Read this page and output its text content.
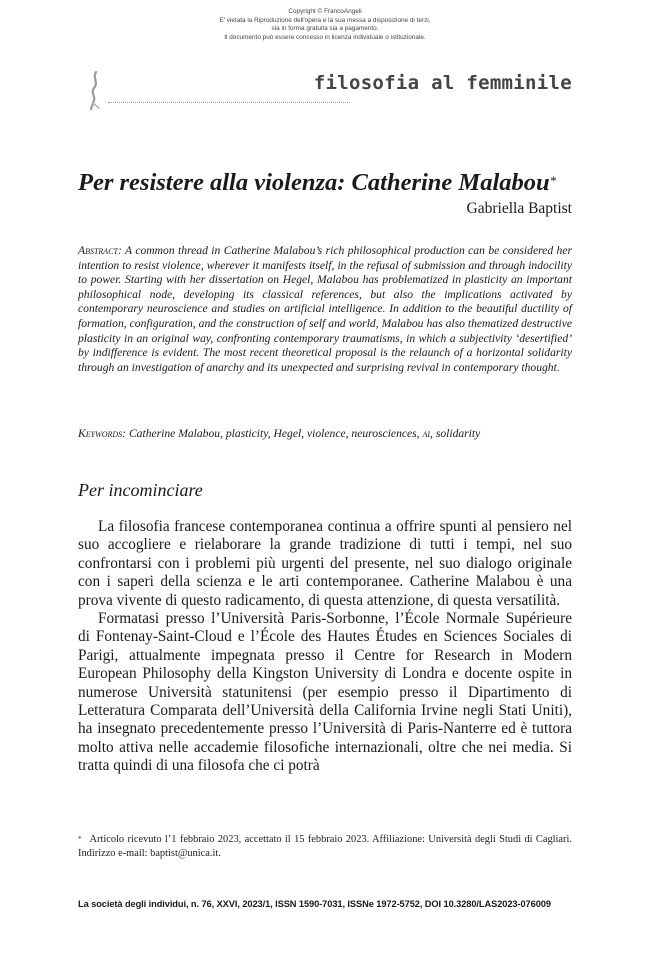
Copyright © FrancoAngeli
E' vietata la Riproduzione dell'opera e la sua messa a disposizione di terzi,
sia in forma gratuita sia a pagamento.
Il documento può essere concesso in licenza individuale o istituzionale.
filosofia al femminile
Per resistere alla violenza: Catherine Malabou*
Gabriella Baptist
Abstract: A common thread in Catherine Malabou’s rich philosophical production can be considered her intention to resist violence, wherever it manifests itself, in the refusal of submission and through indocility to power. Starting with her dissertation on Hegel, Malabou has problematized in plasticity an important philosophical node, developing its classical references, but also the implications activated by contemporary neuroscience and studies on artificial intelligence. In addition to the beautiful ductility of formation, configuration, and the construction of self and world, Malabou has also thematized destructive plasticity in an original way, confronting contemporary traumatisms, in which a subjectivity ‘desertified’ by indifference is evident. The most recent theoretical proposal is the relaunch of a horizontal solidarity through an investigation of anarchy and its unexpected and surprising revival in contemporary thought.
Keywords: Catherine Malabou, plasticity, Hegel, violence, neurosciences, ai, solidarity
Per incominciare

La filosofia francese contemporanea continua a offrire spunti al pensiero nel suo accogliere e rielaborare la grande tradizione di tutti i tempi, nel suo confrontarsi con i problemi più urgenti del presente, nel suo dialogo originale con i saperi della scienza e le arti contemporanee. Catherine Malabou è una prova vivente di questo radicamento, di questa attenzione, di questa versatilità.

Formatasi presso l’Università Paris-Sorbonne, l’École Normale Supérieure di Fontenay-Saint-Cloud e l’École des Hautes Études en Sciences Sociales di Parigi, attualmente impegnata presso il Centre for Research in Modern European Philosophy della Kingston University di Londra e docente ospite in numerose Università statunitensi (per esempio presso il Dipartimento di Letteratura Comparata dell’Università della California Irvine negli Stati Uniti), ha insegnato precedentemente presso l’Università di Paris-Nanterre ed è tuttora molto attiva nelle accademie filosofiche internazionali, oltre che nei media. Si tratta quindi di una filosofa che ci potrà

* Articolo ricevuto l’1 febbraio 2023, accettato il 15 febbraio 2023. Affiliazione: Università degli Studi di Cagliari. Indirizzo e-mail: baptist@unica.it.
La società degli individui, n. 76, XXVI, 2023/1, ISSN 1590-7031, ISSNe 1972-5752, DOI 10.3280/LAS2023-076009
